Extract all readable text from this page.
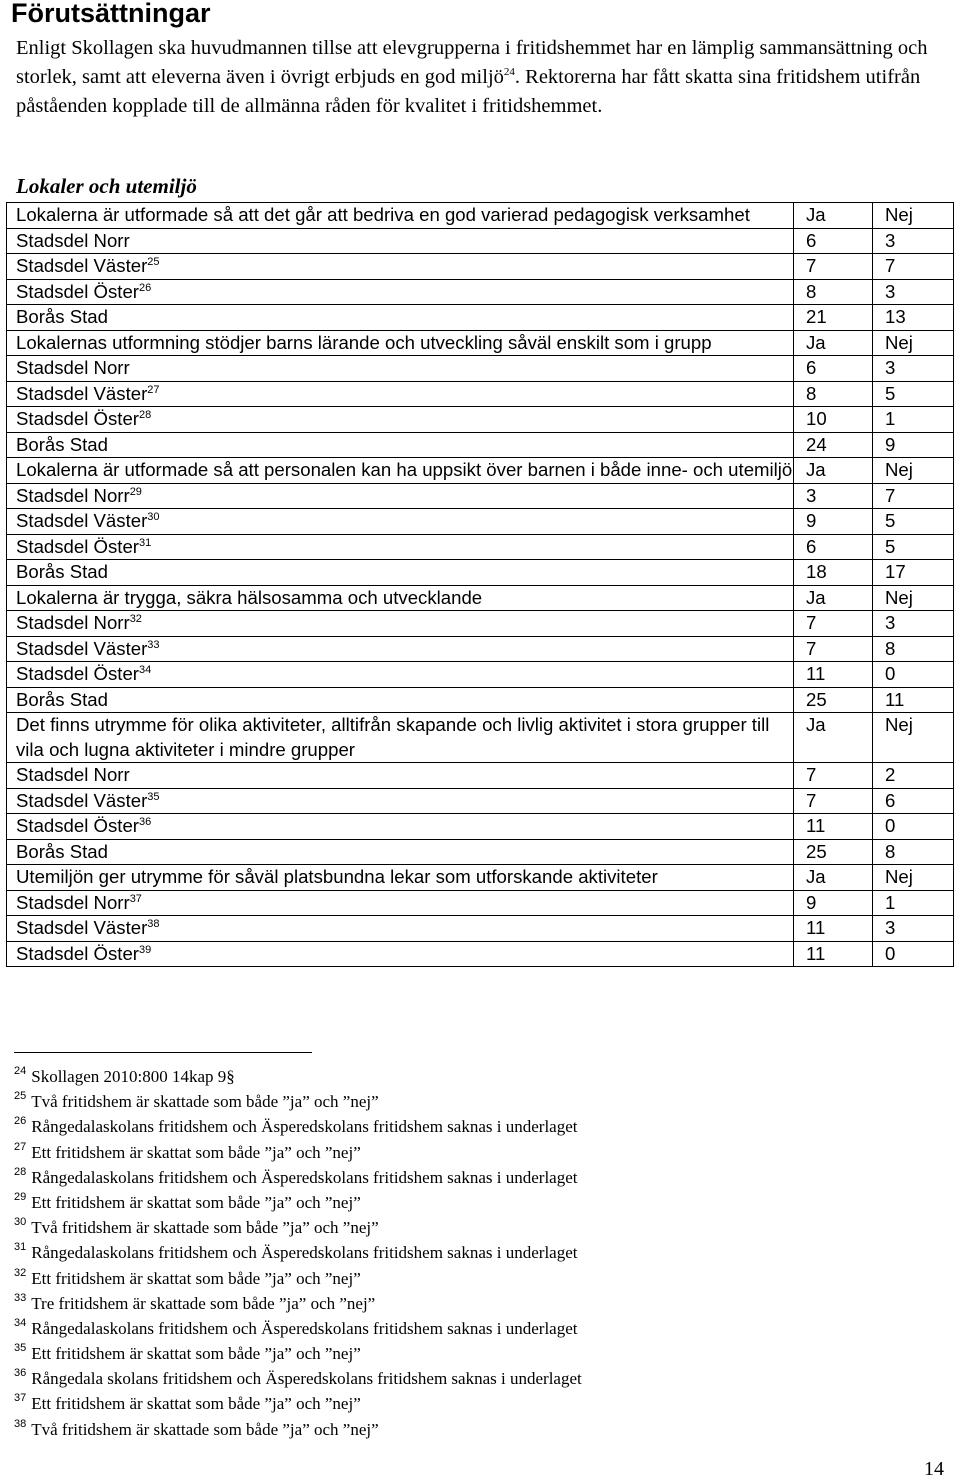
Förutsättningar

Enligt Skollagen ska huvudmannen tillse att elevgrupperna i fritidshemmet har en lämplig sammansättning och storlek, samt att eleverna även i övrigt erbjuds en god miljö$^{24}$. Rektorerna har fått skatta sina fritidshem utifrån påståenden kopplade till de allmänna råden för kvalitet i fritidshemmet.

Lokaler och utemiljö
Lokalerna är utformade så att det går att bedriva en god varierad pedagogisk verksamhet	Ja	Nej
Stadsdel Norr	6	3
Stadsdel Väster$^{25}$	7	7
Stadsdel Öster$^{26}$	8	3
Borås Stad	21	13
Lokalernas utformning stödjer barns lärande och utveckling såväl enskilt som i grupp	Ja	Nej
Stadsdel Norr	6	3
Stadsdel Väster$^{27}$	8	5
Stadsdel Öster$^{28}$	10	1
Borås Stad	24	9
Lokalerna är utformade så att personalen kan ha uppsikt över barnen i både inne- och utemiljö	Ja	Nej
Stadsdel Norr$^{29}$	3	7
Stadsdel Väster$^{30}$	9	5
Stadsdel Öster$^{31}$	6	5
Borås Stad	18	17
Lokalerna är trygga, säkra hälsosamma och utvecklande	Ja	Nej
Stadsdel Norr$^{32}$	7	3
Stadsdel Väster$^{33}$	7	8
Stadsdel Öster$^{34}$	11	0
Borås Stad	25	11
Det finns utrymme för olika aktiviteter, alltifrån skapande och livlig aktivitet i stora grupper till vila och lugna aktiviteter i mindre grupper	Ja	Nej
Stadsdel Norr	7	2
Stadsdel Väster$^{35}$	7	6
Stadsdel Öster$^{36}$	11	0
Borås Stad	25	8
Utemiljön ger utrymme för såväl platsbundna lekar som utforskande aktiviteter	Ja	Nej
Stadsdel Norr$^{37}$	9	1
Stadsdel Väster$^{38}$	11	3
Stadsdel Öster$^{39}$	11	0
$^{24}$ Skollagen 2010:800 14kap 9§
$^{25}$ Två fritidshem är skattade som både ”ja” och ”nej”
$^{26}$ Rångedalaskolans fritidshem och Äsperedskolans fritidshem saknas i underlaget
$^{27}$ Ett fritidshem är skattat som både ”ja” och ”nej”
$^{28}$ Rångedalaskolans fritidshem och Äsperedskolans fritidshem saknas i underlaget
$^{29}$ Ett fritidshem är skattat som både ”ja” och ”nej”
$^{30}$ Två fritidshem är skattade som både ”ja” och ”nej”
$^{31}$ Rångedalaskolans fritidshem och Äsperedskolans fritidshem saknas i underlaget
$^{32}$ Ett fritidshem är skattat som både ”ja” och ”nej”
$^{33}$ Tre fritidshem är skattade som både ”ja” och ”nej”
$^{34}$ Rångedalaskolans fritidshem och Äsperedskolans fritidshem saknas i underlaget
$^{35}$ Ett fritidshem är skattat som både ”ja” och ”nej”
$^{36}$ Rångedala skolans fritidshem och Äsperedskolans fritidshem saknas i underlaget
$^{37}$ Ett fritidshem är skattat som både ”ja” och ”nej”
$^{38}$ Två fritidshem är skattade som både ”ja” och ”nej”
14
